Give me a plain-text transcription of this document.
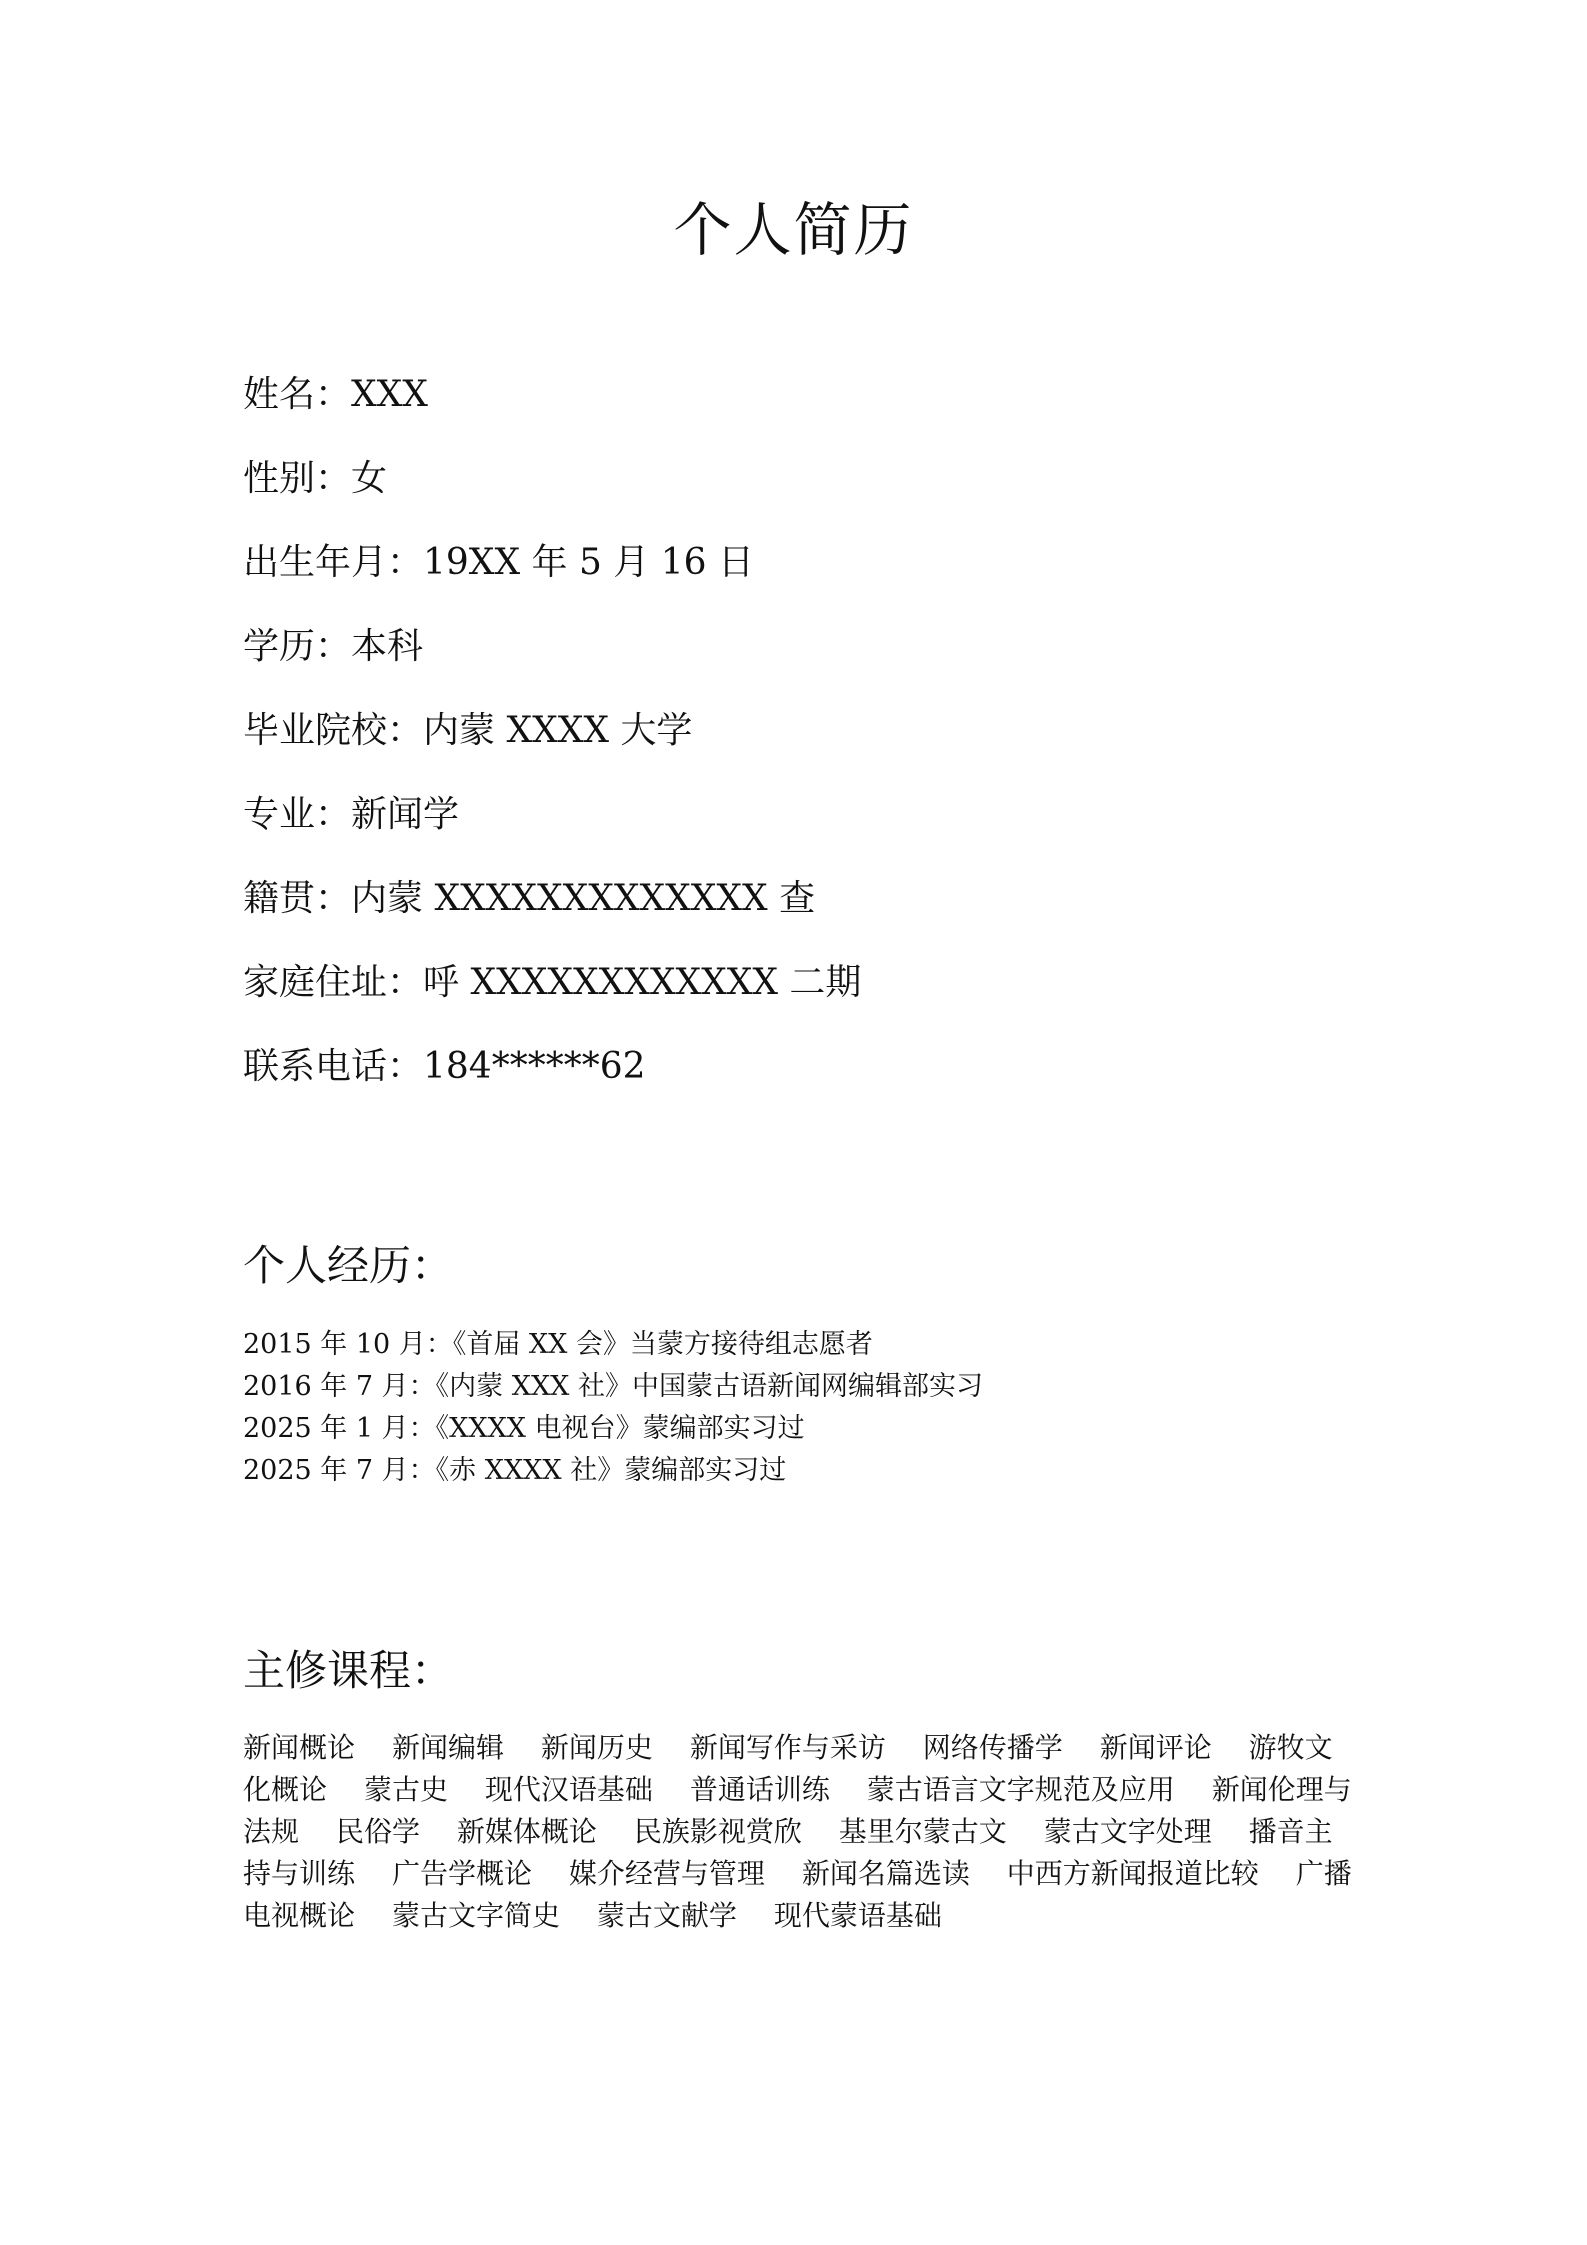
个人简历
姓名：XXX
性别：女
出生年月：19XX 年 5 月 16 日
学历：本科
毕业院校：内蒙 XXXX 大学
专业：新闻学
籍贯：内蒙 XXXXXXXXXXXXX 查
家庭住址：呼 XXXXXXXXXXXX 二期
联系电话：184******62
个人经历：
2015 年 10 月：《首届 XX 会》当蒙方接待组志愿者
2016 年 7 月：《内蒙 XXX 社》中国蒙古语新闻网编辑部实习
2025 年 1 月：《XXXX 电视台》蒙编部实习过
2025 年 7 月：《赤 XXXX 社》蒙编部实习过
主修课程：
新闻概论 新闻编辑 新闻历史 新闻写作与采访 网络传播学 新闻评论 游牧文化概论 蒙古史 现代汉语基础 普通话训练 蒙古语言文字规范及应用 新闻伦理与法规 民俗学 新媒体概论 民族影视赏欣 基里尔蒙古文 蒙古文字处理 播音主持与训练 广告学概论 媒介经营与管理 新闻名篇选读 中西方新闻报道比较 广播电视概论 蒙古文字简史 蒙古文献学 现代蒙语基础
